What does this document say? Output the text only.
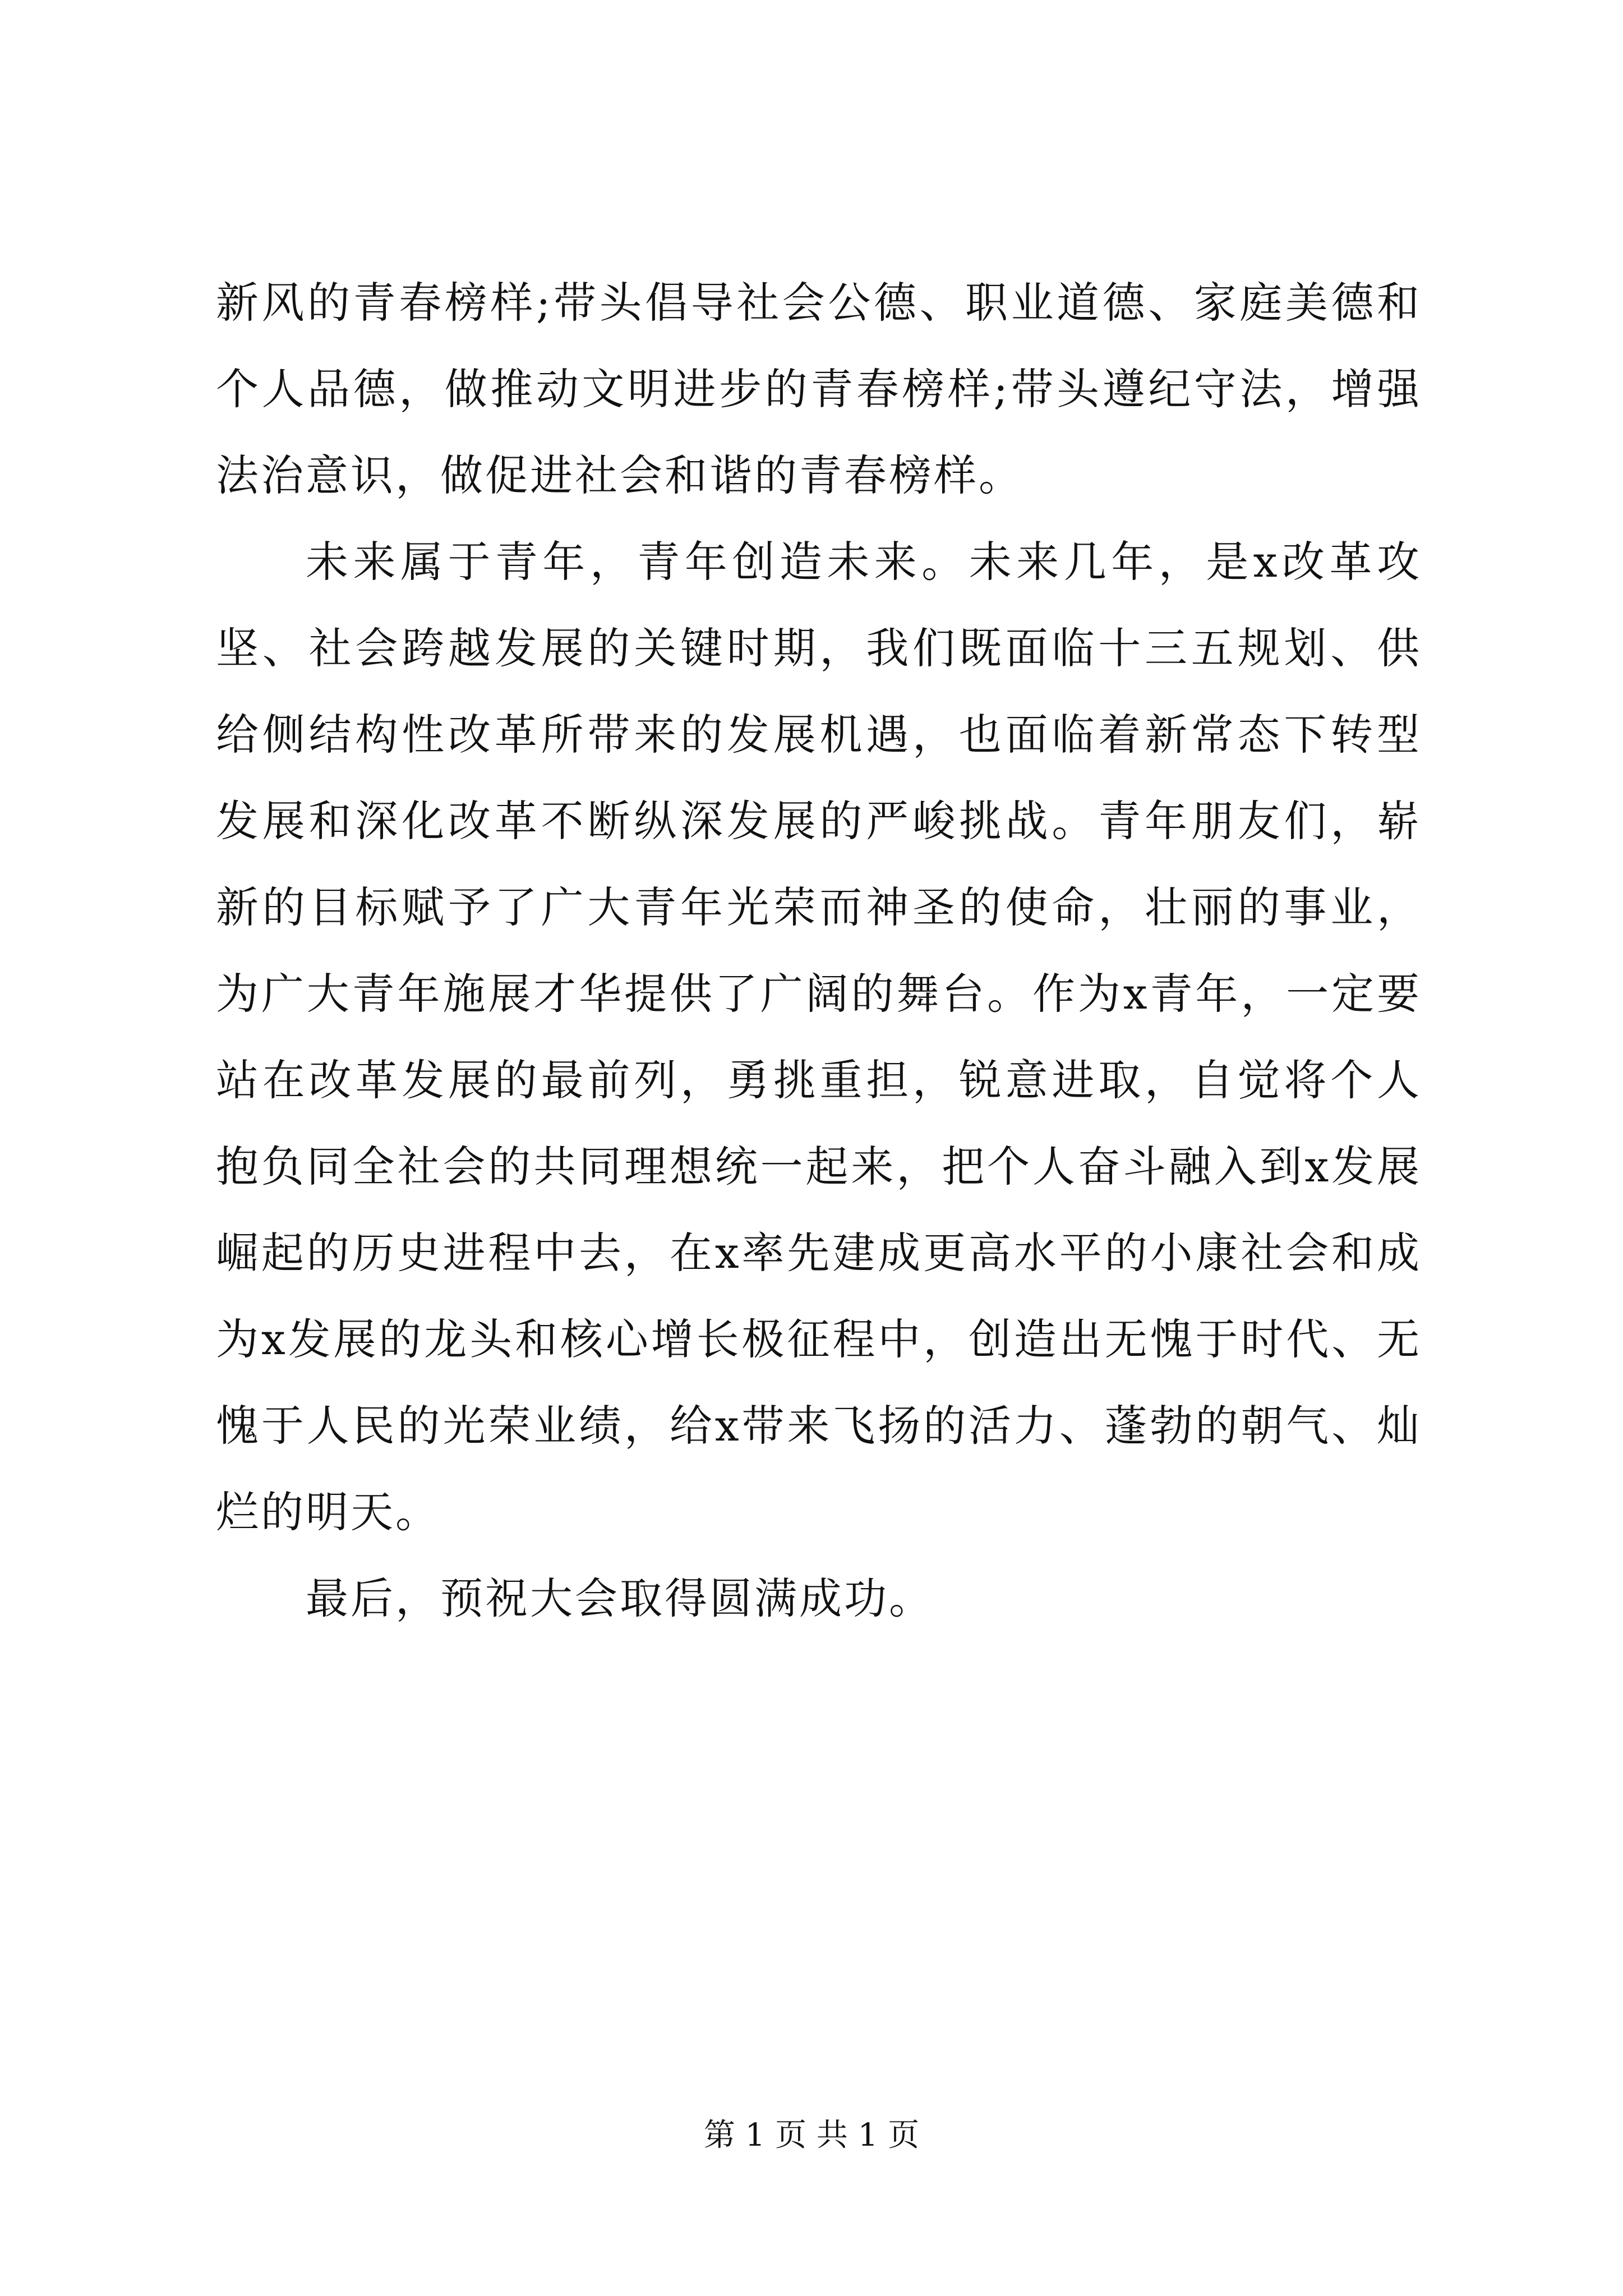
新风的青春榜样;带头倡导社会公德、职业道德、家庭美德和个人品德，做推动文明进步的青春榜样;带头遵纪守法，增强法治意识，做促进社会和谐的青春榜样。

未来属于青年，青年创造未来。未来几年，是x改革攻坚、社会跨越发展的关键时期，我们既面临十三五规划、供给侧结构性改革所带来的发展机遇，也面临着新常态下转型发展和深化改革不断纵深发展的严峻挑战。青年朋友们，崭新的目标赋予了广大青年光荣而神圣的使命，壮丽的事业，为广大青年施展才华提供了广阔的舞台。作为x青年，一定要站在改革发展的最前列，勇挑重担，锐意进取，自觉将个人抱负同全社会的共同理想统一起来，把个人奋斗融入到x发展崛起的历史进程中去，在x率先建成更高水平的小康社会和成为x发展的龙头和核心增长极征程中，创造出无愧于时代、无愧于人民的光荣业绩，给x带来飞扬的活力、蓬勃的朝气、灿烂的明天。

最后，预祝大会取得圆满成功。

第 1 页 共 1 页
